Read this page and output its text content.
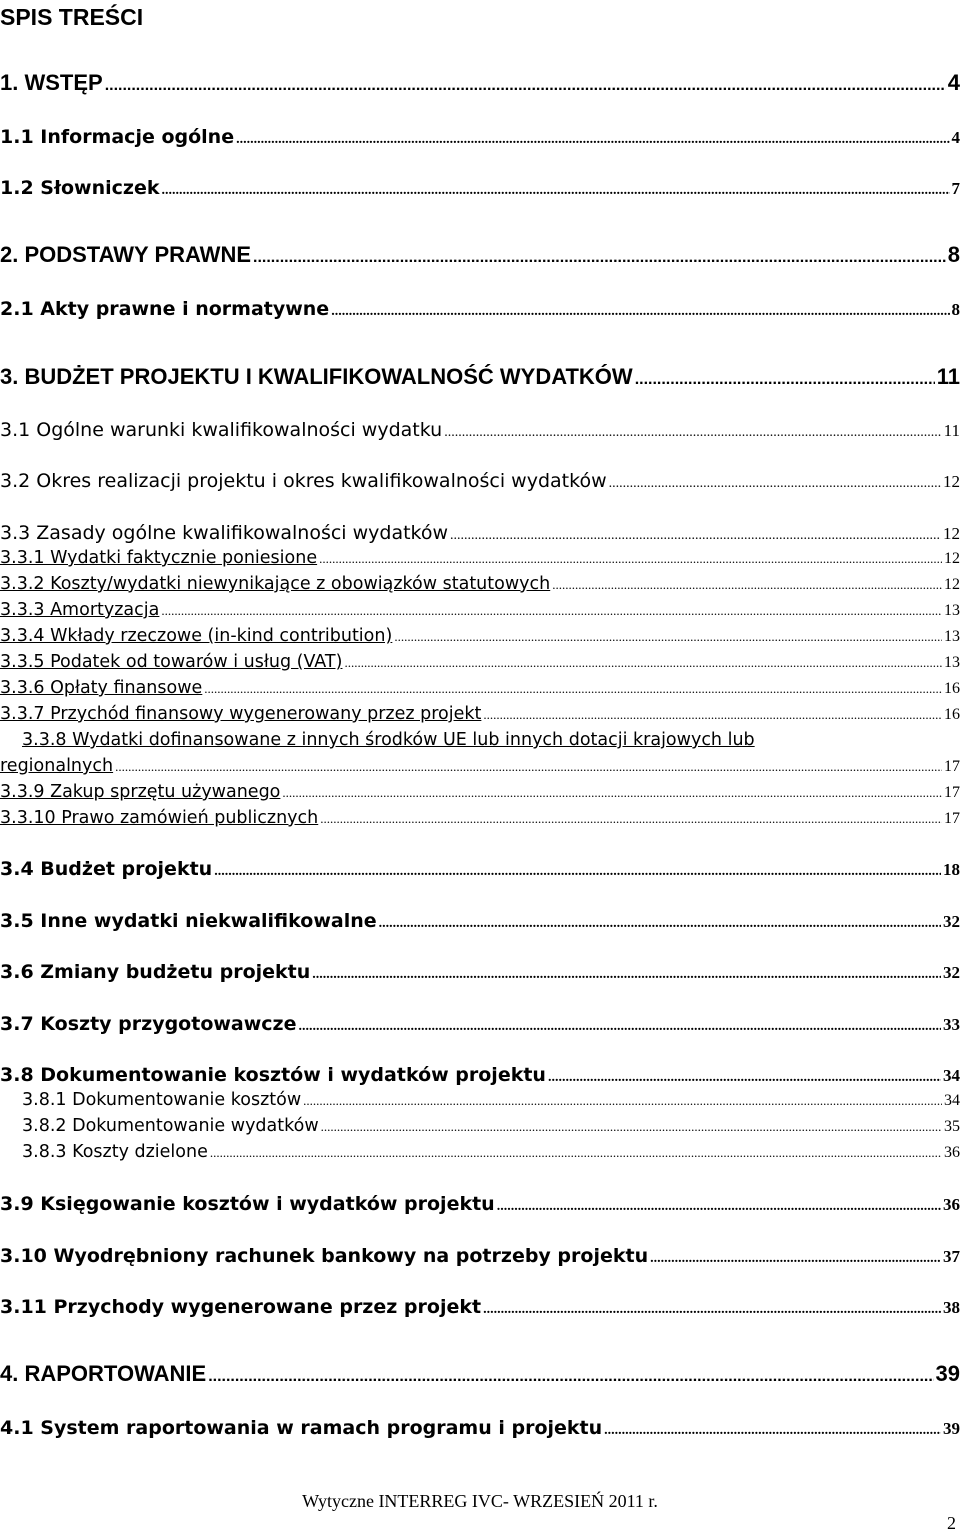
SPIS TREŚCI
1. WSTĘP .....	4
1.1 Informacje ogólne .....	4
1.2 Słowniczek .....	7
2. PODSTAWY PRAWNE .....	8
2.1 Akty prawne i normatywne .....	8
3. BUDŻET PROJEKTU I KWALIFIKOWALNOŚĆ WYDATKÓW .....	11
3.1 Ogólne warunki kwalifikowalności wydatku .....	11
3.2 Okres realizacji projektu i okres kwalifikowalności wydatków .....	12
3.3 Zasady ogólne kwalifikowalności wydatków .....	12
3.3.1 Wydatki faktycznie poniesione .....	12
3.3.2 Koszty/wydatki niewynikające z obowiązków statutowych .....	12
3.3.3 Amortyzacja .....	13
3.3.4 Wkłady rzeczowe (in-kind contribution) .....	13
3.3.5 Podatek od towarów i usług (VAT) .....	13
3.3.6 Opłaty finansowe .....	16
3.3.7 Przychód finansowy wygenerowany przez projekt .....	16
3.3.8 Wydatki dofinansowane z innych środków UE lub innych dotacji krajowych lub
regionalnych .....	17
3.3.9 Zakup sprzętu używanego .....	17
3.3.10 Prawo zamówień publicznych .....	17
3.4 Budżet projektu .....	18
3.5 Inne wydatki niekwalifikowalne .....	32
3.6 Zmiany budżetu projektu .....	32
3.7 Koszty przygotowawcze .....	33
3.8 Dokumentowanie kosztów i wydatków projektu .....	34
3.8.1 Dokumentowanie kosztów .....	34
3.8.2 Dokumentowanie wydatków .....	35
3.8.3 Koszty dzielone .....	36
3.9 Księgowanie kosztów i wydatków projektu .....	36
3.10 Wyodrębniony rachunek bankowy na potrzeby projektu .....	37
3.11 Przychody wygenerowane przez projekt .....	38
4. RAPORTOWANIE .....	39
4.1 System raportowania w ramach programu i projektu .....	39
Wytyczne INTERREG IVC- WRZESIEŃ 2011 r.
2
